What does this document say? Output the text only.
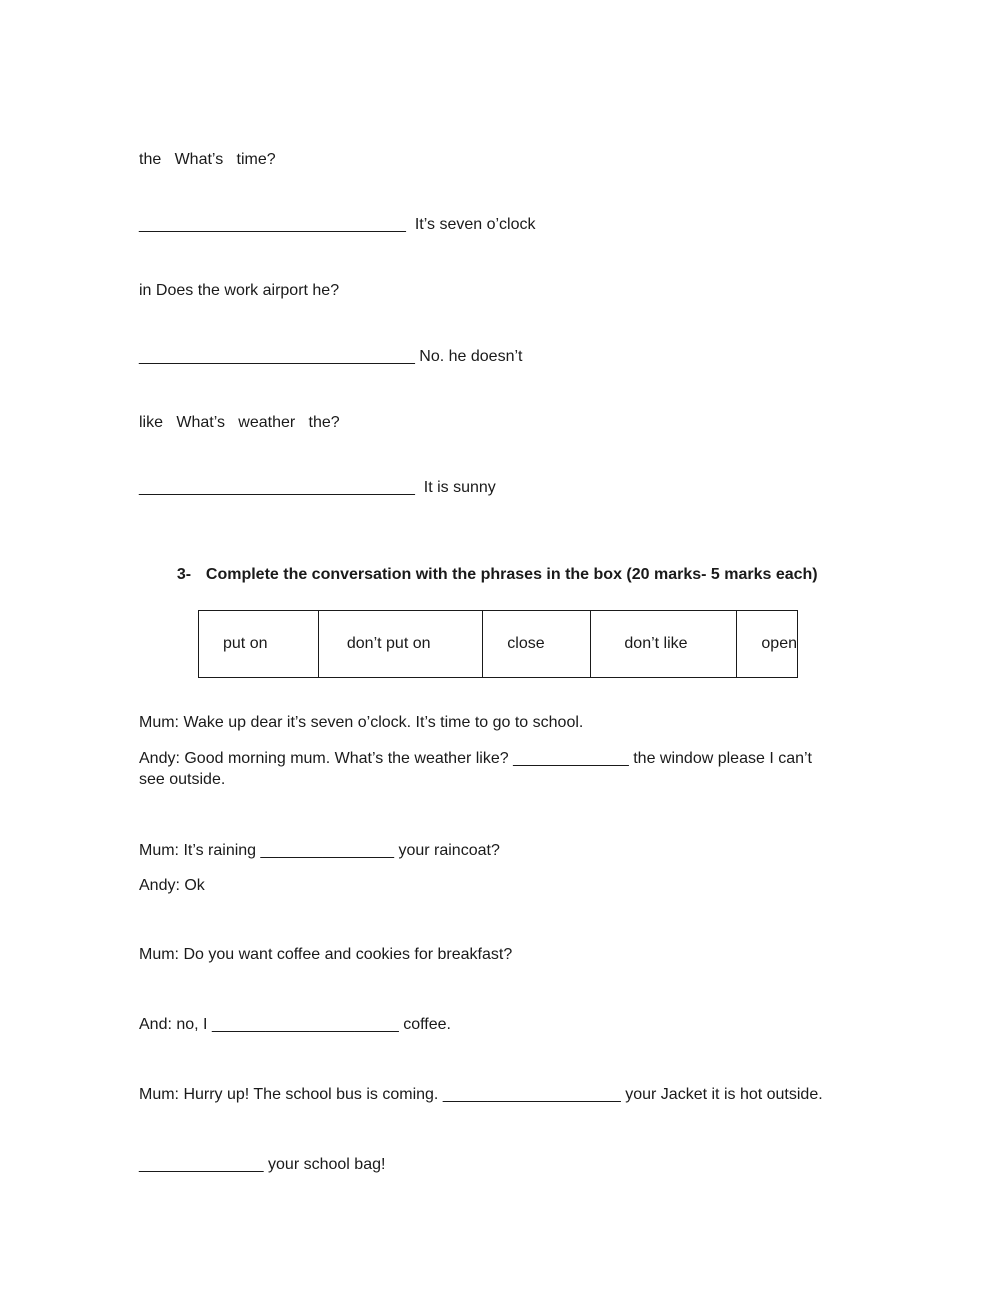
the   What’s   time?
______________________________  It’s seven o’clock
in Does the work airport he?
_______________________________ No. he doesn’t
like   What’s   weather   the?
_______________________________  It is sunny

3- Complete the conversation with the phrases in the box (20 marks- 5 marks each)

put on	don’t put on	close	don’t like	open
Mum: Wake up dear it’s seven o’clock. It’s time to go to school.
Andy: Good morning mum. What’s the weather like? _____________ the window please I can’t see outside.
Mum: It’s raining _______________ your raincoat?
Andy: Ok
Mum: Do you want coffee and cookies for breakfast?
And: no, I _____________________ coffee.
Mum: Hurry up! The school bus is coming. ____________________ your Jacket it is hot outside.
______________ your school bag!
